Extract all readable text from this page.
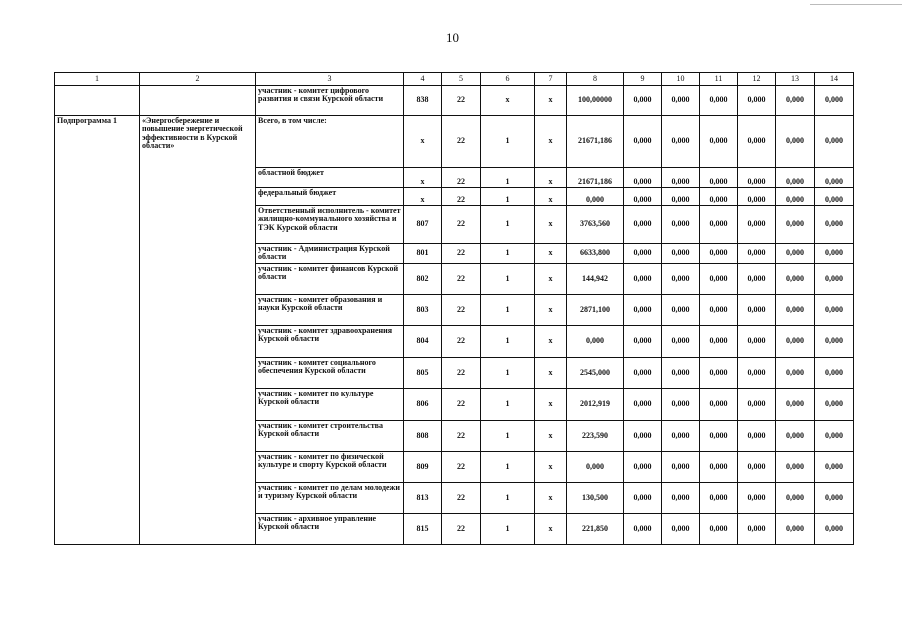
10
1	2	3	4	5	6	7	8	9	10	11	12	13	14
		участник - комитет цифрового развития и связи Курской области	838	22	x	x	100,00000	0,000	0,000	0,000	0,000	0,000	0,000
Подпрограмма 1	«Энергосбережение и повышение энергетической эффективности в Курской области»	Всего, в том числе:	x	22	1	x	21671,186	0,000	0,000	0,000	0,000	0,000	0,000
		областной бюджет	x	22	1	x	21671,186	0,000	0,000	0,000	0,000	0,000	0,000
		федеральный бюджет	x	22	1	x	0,000	0,000	0,000	0,000	0,000	0,000	0,000
		Ответственный исполнитель - комитет жилищно-коммунального хозяйства и ТЭК Курской области	807	22	1	x	3763,560	0,000	0,000	0,000	0,000	0,000	0,000
		участник - Администрация Курской области	801	22	1	x	6633,800	0,000	0,000	0,000	0,000	0,000	0,000
		участник - комитет финансов Курской области	802	22	1	x	144,942	0,000	0,000	0,000	0,000	0,000	0,000
		участник - комитет образования и науки Курской области	803	22	1	x	2871,100	0,000	0,000	0,000	0,000	0,000	0,000
		участник - комитет здравоохранения Курской области	804	22	1	x	0,000	0,000	0,000	0,000	0,000	0,000	0,000
		участник - комитет социального обеспечения Курской области	805	22	1	x	2545,000	0,000	0,000	0,000	0,000	0,000	0,000
		участник - комитет по культуре Курской области	806	22	1	x	2012,919	0,000	0,000	0,000	0,000	0,000	0,000
		участник - комитет строительства Курской области	808	22	1	x	223,590	0,000	0,000	0,000	0,000	0,000	0,000
		участник - комитет по физической культуре и спорту Курской области	809	22	1	x	0,000	0,000	0,000	0,000	0,000	0,000	0,000
		участник - комитет по делам молодежи и туризму Курской области	813	22	1	x	130,500	0,000	0,000	0,000	0,000	0,000	0,000
		участник - архивное управление Курской области	815	22	1	x	221,850	0,000	0,000	0,000	0,000	0,000	0,000
